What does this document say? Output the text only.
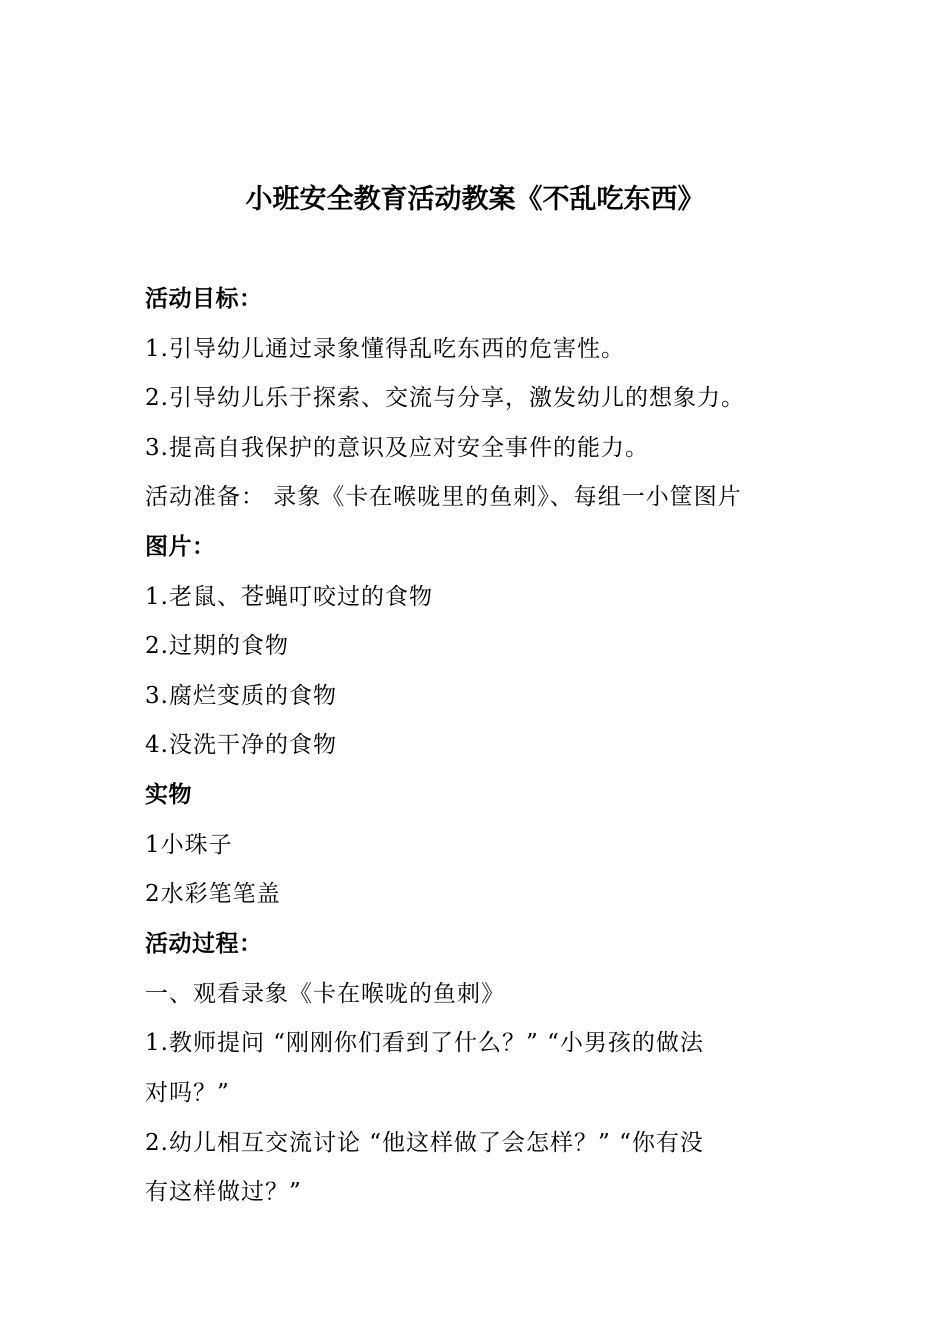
小班安全教育活动教案《不乱吃东西》
活动目标：
1.引导幼儿通过录象懂得乱吃东西的危害性。
2.引导幼儿乐于探索、交流与分享，激发幼儿的想象力。
3.提高自我保护的意识及应对安全事件的能力。
活动准备： 录象《卡在喉咙里的鱼刺》、每组一小筐图片
图片：
1.老鼠、苍蝇叮咬过的食物
2.过期的食物
3.腐烂变质的食物
4.没洗干净的食物
实物
1小珠子
2水彩笔笔盖
活动过程：
一、观看录象《卡在喉咙的鱼刺》
1.教师提问 “刚刚你们看到了什么？” “小男孩的做法
对吗？”
2.幼儿相互交流讨论 “他这样做了会怎样？” “你有没
有这样做过？”
